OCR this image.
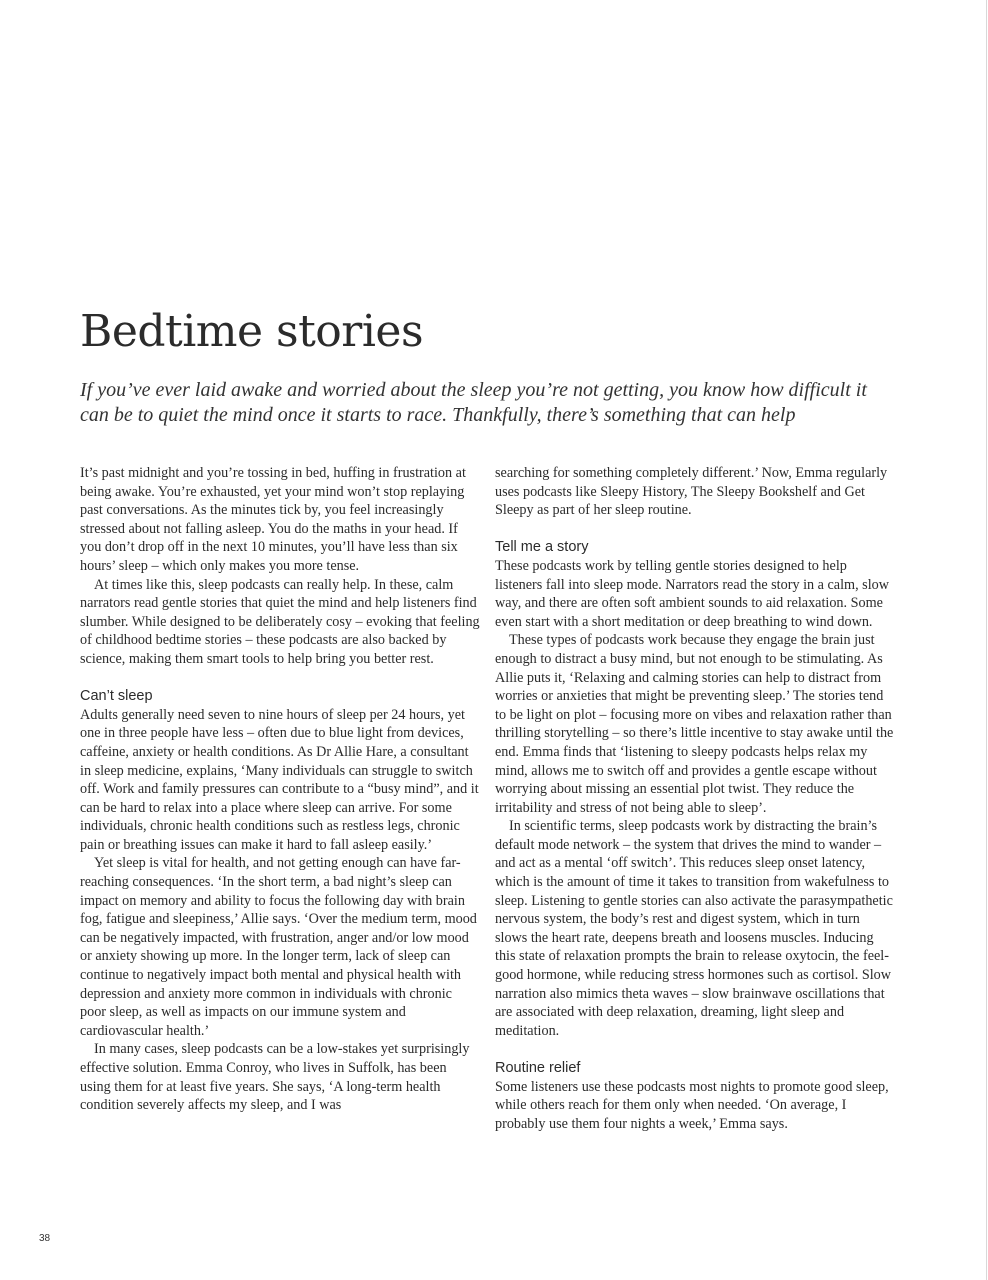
Bedtime stories

If you’ve ever laid awake and worried about the sleep you’re not getting, you know how difficult it can be to quiet the mind once it starts to race. Thankfully, there’s something that can help

It’s past midnight and you’re tossing in bed, huffing in frustration at being awake. You’re exhausted, yet your mind won’t stop replaying past conversations. As the minutes tick by, you feel increasingly stressed about not falling asleep. You do the maths in your head. If you don’t drop off in the next 10 minutes, you’ll have less than six hours’ sleep – which only makes you more tense.

At times like this, sleep podcasts can really help. In these, calm narrators read gentle stories that quiet the mind and help listeners find slumber. While designed to be deliberately cosy – evoking that feeling of childhood bedtime stories – these podcasts are also backed by science, making them smart tools to help bring you better rest.

Can’t sleep

Adults generally need seven to nine hours of sleep per 24 hours, yet one in three people have less – often due to blue light from devices, caffeine, anxiety or health conditions. As Dr Allie Hare, a consultant in sleep medicine, explains, ‘Many individuals can struggle to switch off. Work and family pressures can contribute to a “busy mind”, and it can be hard to relax into a place where sleep can arrive. For some individuals, chronic health conditions such as restless legs, chronic pain or breathing issues can make it hard to fall asleep easily.’

Yet sleep is vital for health, and not getting enough can have far-reaching consequences. ‘In the short term, a bad night’s sleep can impact on memory and ability to focus the following day with brain fog, fatigue and sleepiness,’ Allie says. ‘Over the medium term, mood can be negatively impacted, with frustration, anger and/or low mood or anxiety showing up more. In the longer term, lack of sleep can continue to negatively impact both mental and physical health with depression and anxiety more common in individuals with chronic poor sleep, as well as impacts on our immune system and cardiovascular health.’

In many cases, sleep podcasts can be a low-stakes yet surprisingly effective solution. Emma Conroy, who lives in Suffolk, has been using them for at least five years. She says, ‘A long-term health condition severely affects my sleep, and I was

searching for something completely different.’ Now, Emma regularly uses podcasts like Sleepy History, The Sleepy Bookshelf and Get Sleepy as part of her sleep routine.

Tell me a story

These podcasts work by telling gentle stories designed to help listeners fall into sleep mode. Narrators read the story in a calm, slow way, and there are often soft ambient sounds to aid relaxation. Some even start with a short meditation or deep breathing to wind down.

These types of podcasts work because they engage the brain just enough to distract a busy mind, but not enough to be stimulating. As Allie puts it, ‘Relaxing and calming stories can help to distract from worries or anxieties that might be preventing sleep.’ The stories tend to be light on plot – focusing more on vibes and relaxation rather than thrilling storytelling – so there’s little incentive to stay awake until the end. Emma finds that ‘listening to sleepy podcasts helps relax my mind, allows me to switch off and provides a gentle escape without worrying about missing an essential plot twist. They reduce the irritability and stress of not being able to sleep’.

In scientific terms, sleep podcasts work by distracting the brain’s default mode network – the system that drives the mind to wander – and act as a mental ‘off switch’. This reduces sleep onset latency, which is the amount of time it takes to transition from wakefulness to sleep. Listening to gentle stories can also activate the parasympathetic nervous system, the body’s rest and digest system, which in turn slows the heart rate, deepens breath and loosens muscles. Inducing this state of relaxation prompts the brain to release oxytocin, the feel-good hormone, while reducing stress hormones such as cortisol. Slow narration also mimics theta waves – slow brainwave oscillations that are associated with deep relaxation, dreaming, light sleep and meditation.

Routine relief

Some listeners use these podcasts most nights to promote good sleep, while others reach for them only when needed. ‘On average, I probably use them four nights a week,’ Emma says.

38
